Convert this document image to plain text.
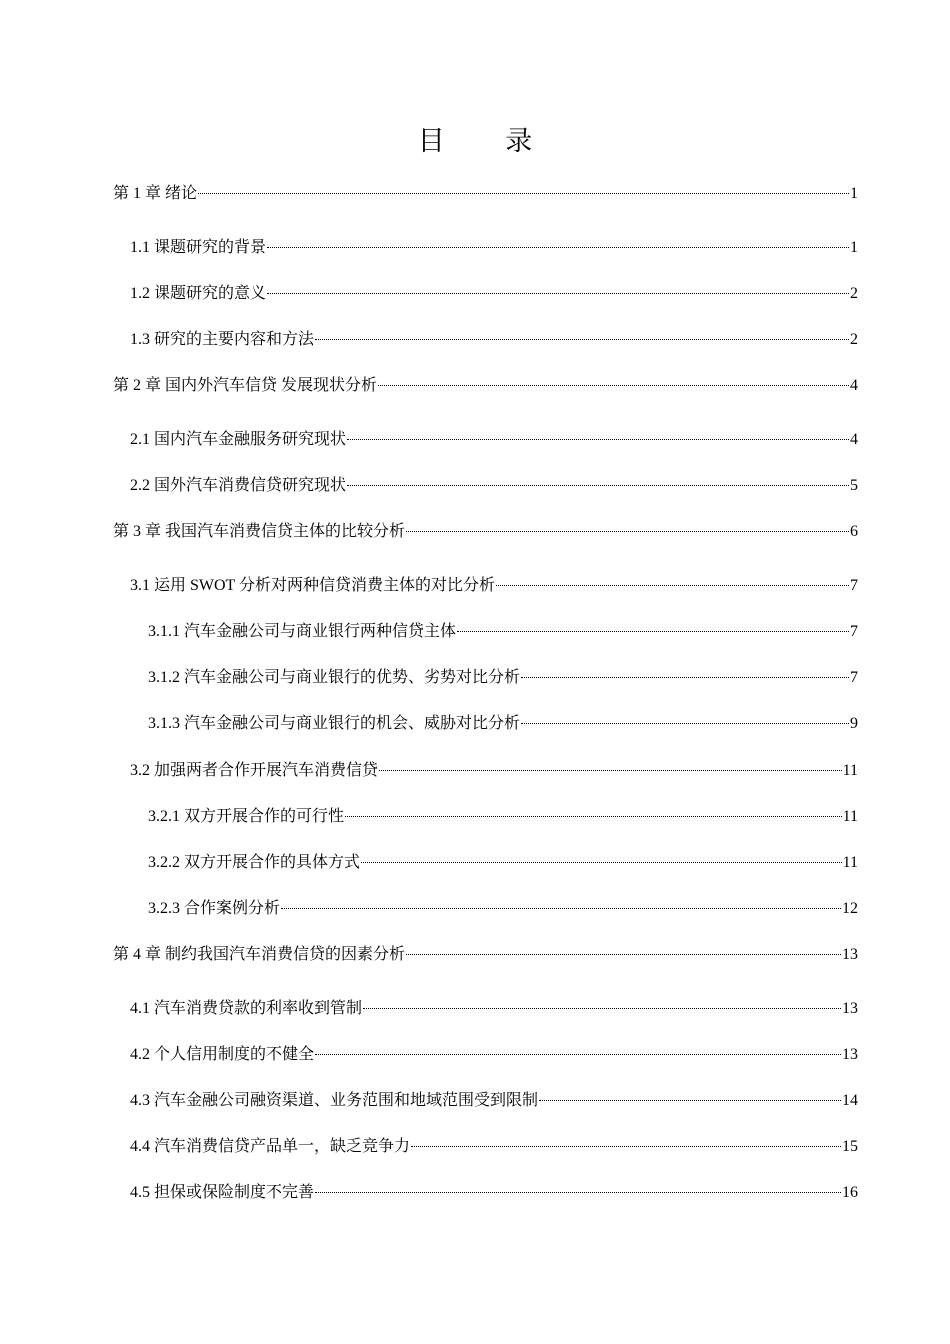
目 录
第 1 章 绪论	1
1.1 课题研究的背景	1
1.2 课题研究的意义	2
1.3 研究的主要内容和方法	2
第 2 章 国内外汽车信贷 发展现状分析	4
2.1 国内汽车金融服务研究现状	4
2.2 国外汽车消费信贷研究现状	5
第 3 章 我国汽车消费信贷主体的比较分析	6
3.1 运用 SWOT 分析对两种信贷消费主体的对比分析	7
3.1.1 汽车金融公司与商业银行两种信贷主体	7
3.1.2 汽车金融公司与商业银行的优势、劣势对比分析	7
3.1.3 汽车金融公司与商业银行的机会、威胁对比分析	9
3.2 加强两者合作开展汽车消费信贷	11
3.2.1 双方开展合作的可行性	11
3.2.2 双方开展合作的具体方式	11
3.2.3 合作案例分析	12
第 4 章 制约我国汽车消费信贷的因素分析	13
4.1 汽车消费贷款的利率收到管制	13
4.2 个人信用制度的不健全	13
4.3 汽车金融公司融资渠道、业务范围和地域范围受到限制	14
4.4 汽车消费信贷产品单一，缺乏竞争力	15
4.5 担保或保险制度不完善	16
